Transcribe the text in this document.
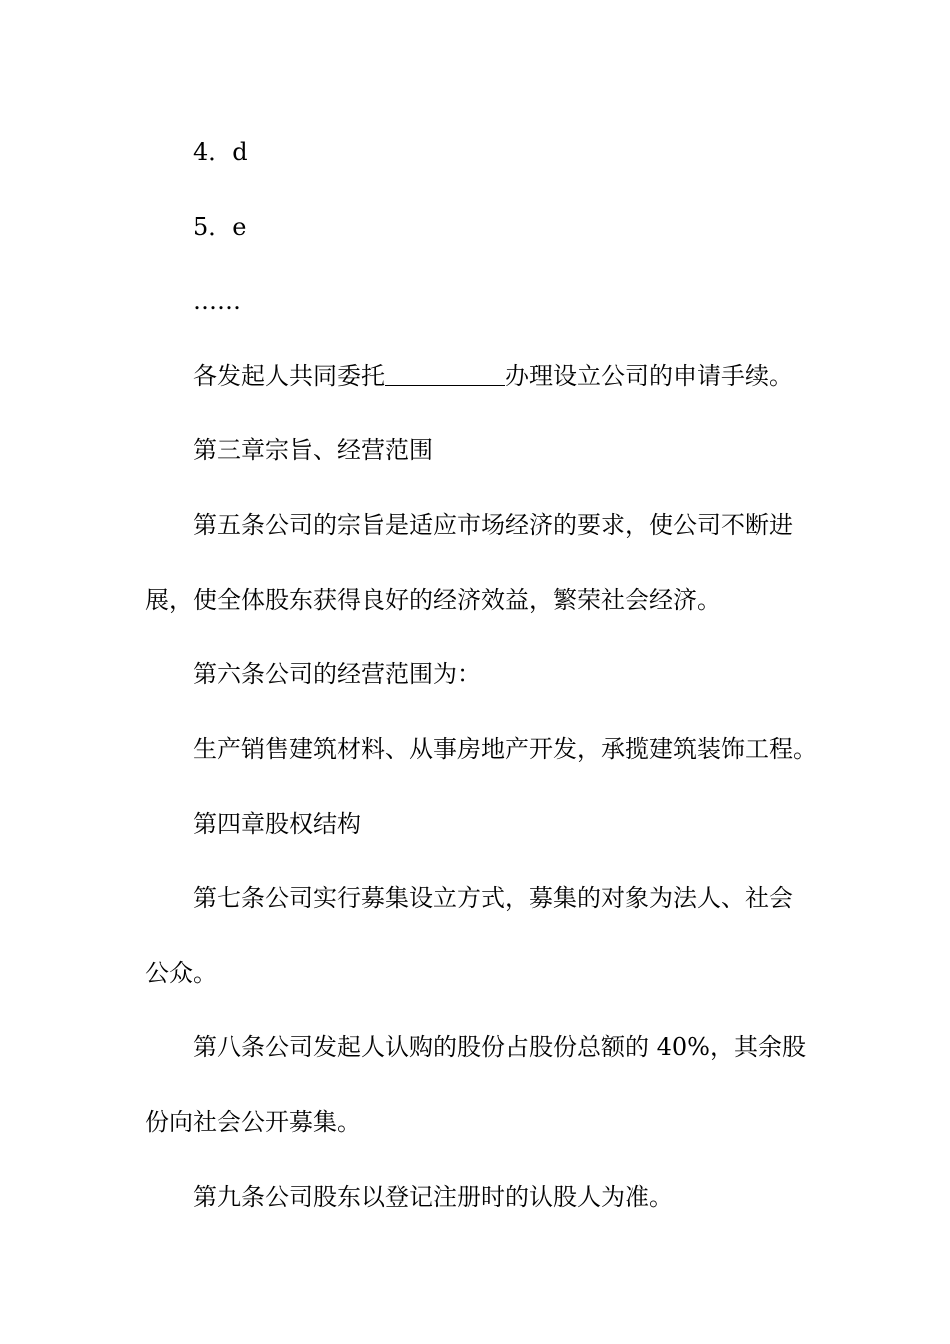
4．d
5．e
……
各发起人共同委托	办理设立公司的申请手续。
第三章宗旨、经营范围
第五条公司的宗旨是适应市场经济的要求，使公司不断进
展，使全体股东获得良好的经济效益，繁荣社会经济。
第六条公司的经营范围为：
生产销售建筑材料、从事房地产开发，承揽建筑装饰工程。
第四章股权结构
第七条公司实行募集设立方式，募集的对象为法人、社会
公众。
第八条公司发起人认购的股份占股份总额的 40%，其余股
份向社会公开募集。
第九条公司股东以登记注册时的认股人为准。
